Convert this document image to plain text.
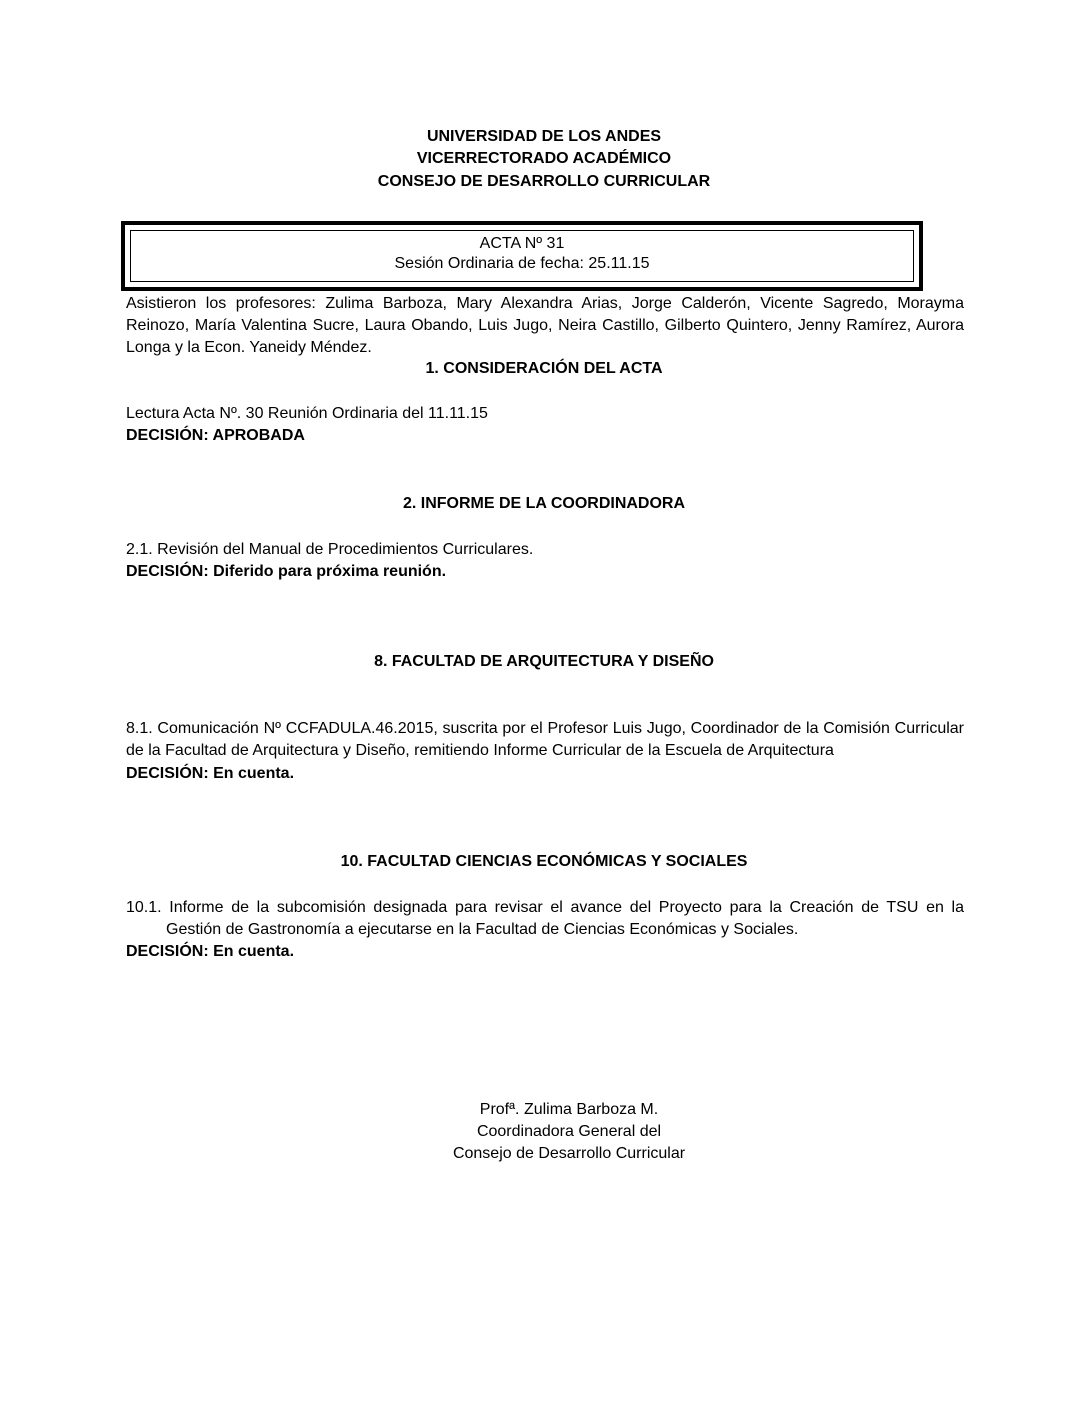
UNIVERSIDAD DE LOS ANDES
VICERRECTORADO ACADÉMICO
CONSEJO DE DESARROLLO CURRICULAR
ACTA Nº 31
Sesión Ordinaria de fecha: 25.11.15
Asistieron los profesores: Zulima Barboza, Mary Alexandra Arias, Jorge Calderón, Vicente Sagredo, Morayma Reinozo, María Valentina Sucre, Laura Obando, Luis Jugo, Neira Castillo, Gilberto Quintero, Jenny Ramírez, Aurora Longa y la Econ. Yaneidy Méndez.
1. CONSIDERACIÓN DEL ACTA
Lectura Acta Nº. 30 Reunión Ordinaria del 11.11.15
DECISIÓN: APROBADA
2. INFORME DE LA COORDINADORA
2.1. Revisión del Manual de Procedimientos Curriculares.
DECISIÓN: Diferido para próxima reunión.
8. FACULTAD DE ARQUITECTURA Y DISEÑO
8.1. Comunicación Nº CCFADULA.46.2015, suscrita por el Profesor Luis Jugo, Coordinador de la Comisión Curricular de la Facultad de Arquitectura y Diseño, remitiendo Informe Curricular de la Escuela de Arquitectura
DECISIÓN: En cuenta.
10. FACULTAD CIENCIAS ECONÓMICAS Y SOCIALES
10.1. Informe de la subcomisión designada para revisar el avance del Proyecto para la Creación de TSU en la Gestión de Gastronomía a ejecutarse en la Facultad de Ciencias Económicas y Sociales.
DECISIÓN: En cuenta.
Profª. Zulima Barboza M.
Coordinadora General del
Consejo de Desarrollo Curricular
